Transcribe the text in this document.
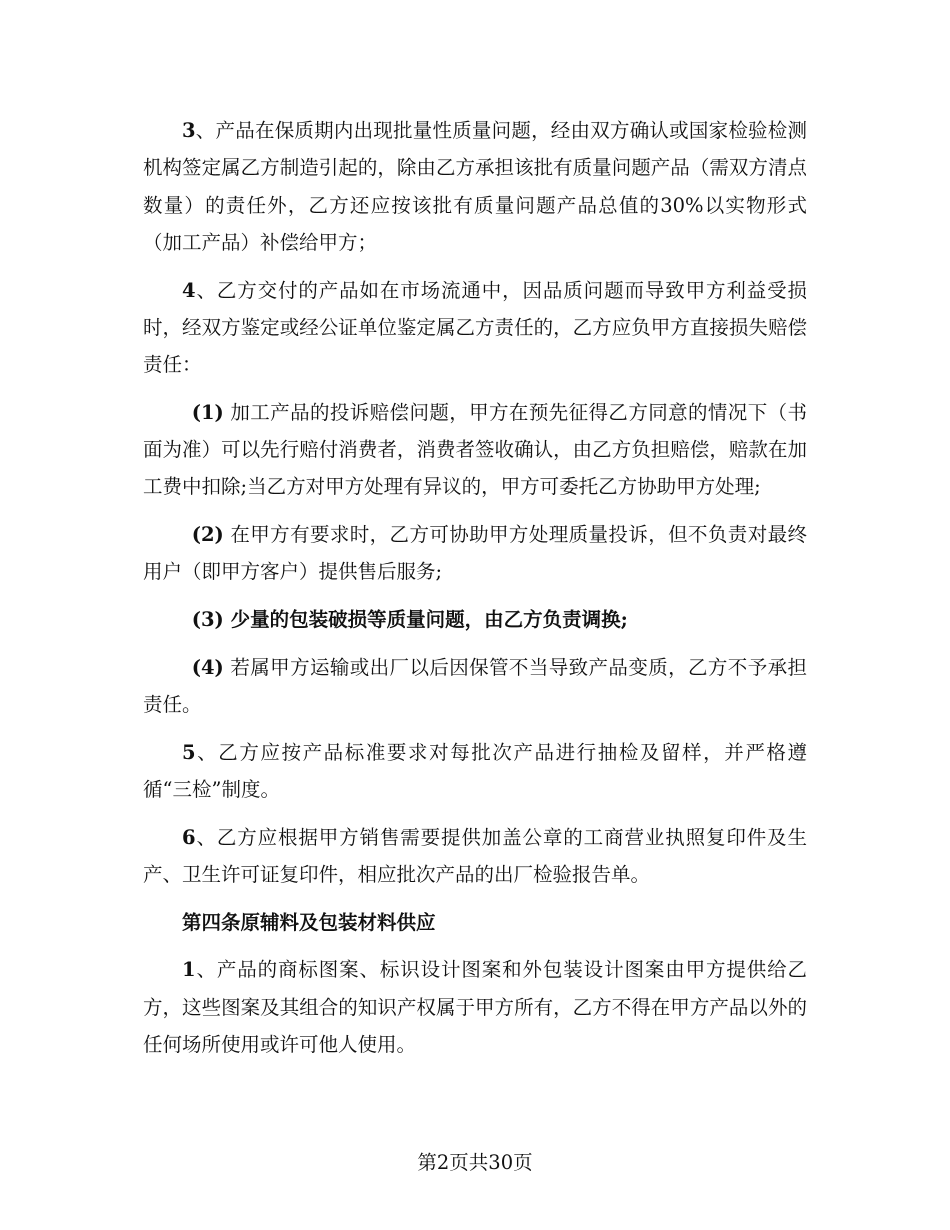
3、产品在保质期内出现批量性质量问题，经由双方确认或国家检验检测机构签定属乙方制造引起的，除由乙方承担该批有质量问题产品（需双方清点数量）的责任外，乙方还应按该批有质量问题产品总值的30%以实物形式（加工产品）补偿给甲方；

4、乙方交付的产品如在市场流通中，因品质问题而导致甲方利益受损时，经双方鉴定或经公证单位鉴定属乙方责任的，乙方应负甲方直接损失赔偿责任：

(1) 加工产品的投诉赔偿问题，甲方在预先征得乙方同意的情况下（书面为准）可以先行赔付消费者，消费者签收确认，由乙方负担赔偿，赔款在加工费中扣除;当乙方对甲方处理有异议的，甲方可委托乙方协助甲方处理;

(2) 在甲方有要求时，乙方可协助甲方处理质量投诉，但不负责对最终用户（即甲方客户）提供售后服务;

(3) 少量的包装破损等质量问题，由乙方负责调换;

(4) 若属甲方运输或出厂以后因保管不当导致产品变质，乙方不予承担责任。

5、乙方应按产品标准要求对每批次产品进行抽检及留样，并严格遵循“三检”制度。

6、乙方应根据甲方销售需要提供加盖公章的工商营业执照复印件及生产、卫生许可证复印件，相应批次产品的出厂检验报告单。

第四条原辅料及包装材料供应

1、产品的商标图案、标识设计图案和外包装设计图案由甲方提供给乙方，这些图案及其组合的知识产权属于甲方所有，乙方不得在甲方产品以外的任何场所使用或许可他人使用。

第2页共30页
